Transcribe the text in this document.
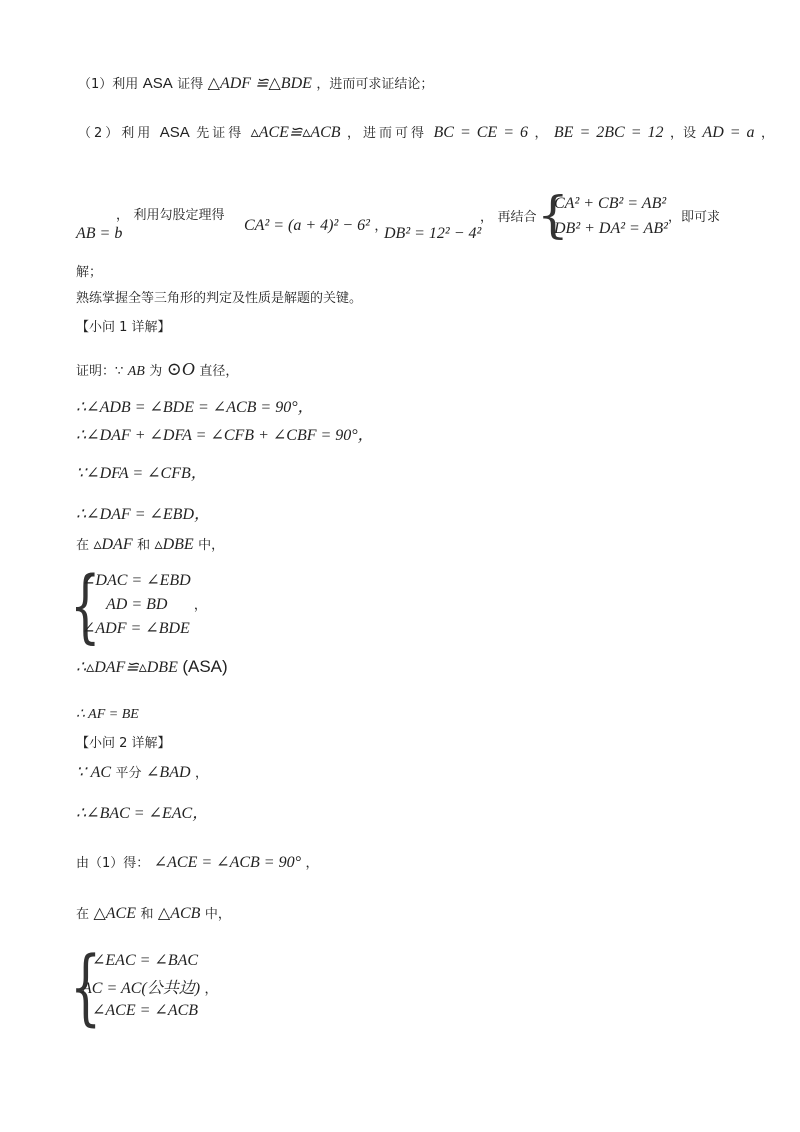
（1）利用 ASA 证得 △ADF ≌△BDE ，进而可求证结论；
（2）利用 ASA 先证得 ▵ACE≌▵ACB ，进而可得 BC = CE = 6 ， BE = 2BC = 12 ，设 AD = a ，
AB = b
， 利用勾股定理得
CA² = (a + 4)² − 6² ，
DB² = 12² − 4²
， 再结合 {
CA² + CB² = AB²
DB² + DA² = AB²
，即可求
解；
熟练掌握全等三角形的判定及性质是解题的关键。
【小问 1 详解】
证明：∵ AB 为 ⊙O 直径，
∴∠ADB = ∠BDE = ∠ACB = 90°，
∴∠DAF + ∠DFA = ∠CFB + ∠CBF = 90°，
∵∠DFA = ∠CFB，
∴∠DAF = ∠EBD，
在 ▵DAF 和 ▵DBE 中，
{
∠DAC = ∠EBD
AD = BD ，
∠ADF = ∠BDE
∴▵DAF≌▵DBE (ASA)
∴ AF = BE
【小问 2 详解】
∵ AC 平分 ∠BAD ，
∴∠BAC = ∠EAC，
由（1）得： ∠ACE = ∠ACB = 90° ，
在 △ACE 和 △ACB 中，
{
∠EAC = ∠BAC
AC = AC(公共边) ，
∠ACE = ∠ACB
